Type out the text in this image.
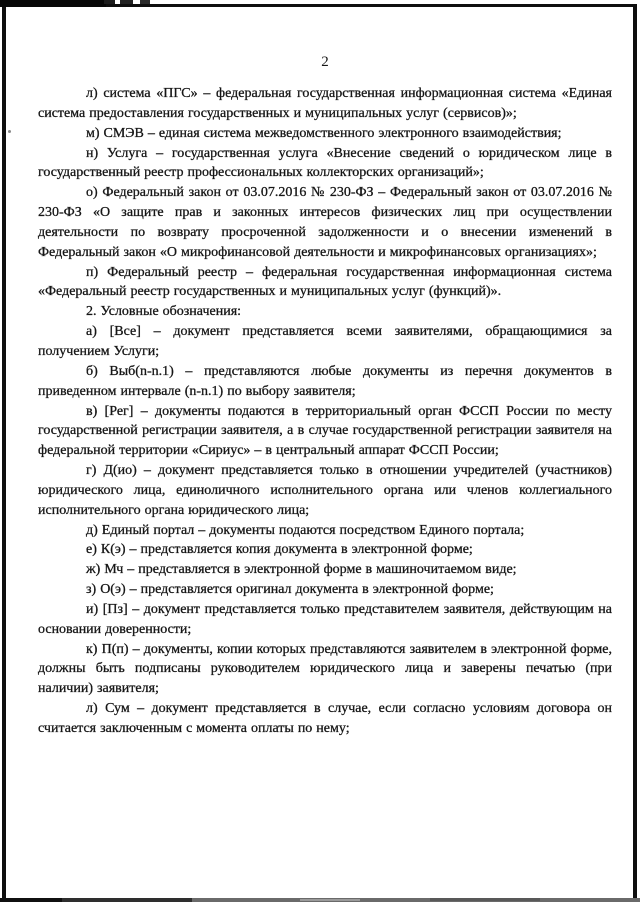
2

л) система «ПГС» – федеральная государственная информационная система «Единая система предоставления государственных и муниципальных услуг (сервисов)»;

м) СМЭВ – единая система межведомственного электронного взаимодействия;

н) Услуга – государственная услуга «Внесение сведений о юридическом лице в государственный реестр профессиональных коллекторских организаций»;

о) Федеральный закон от 03.07.2016 № 230-ФЗ – Федеральный закон от 03.07.2016 № 230-ФЗ «О защите прав и законных интересов физических лиц при осуществлении деятельности по возврату просроченной задолженности и о внесении изменений в Федеральный закон «О микрофинансовой деятельности и микрофинансовых организациях»;

п) Федеральный реестр – федеральная государственная информационная система «Федеральный реестр государственных и муниципальных услуг (функций)».

2. Условные обозначения:

а) [Все] – документ представляется всеми заявителями, обращающимися за получением Услуги;

б) Выб(n-n.1) – представляются любые документы из перечня документов в приведенном интервале (n-n.1) по выбору заявителя;

в) [Рег] – документы подаются в территориальный орган ФССП России по месту государственной регистрации заявителя, а в случае государственной регистрации заявителя на федеральной территории «Сириус» – в центральный аппарат ФССП России;

г) Д(ио) – документ представляется только в отношении учредителей (участников) юридического лица, единоличного исполнительного органа или членов коллегиального исполнительного органа юридического лица;

д) Единый портал – документы подаются посредством Единого портала;

е) К(э) – представляется копия документа в электронной форме;

ж) Мч – представляется в электронной форме в машиночитаемом виде;

з) О(э) – представляется оригинал документа в электронной форме;

и) [Пз] – документ представляется только представителем заявителя, действующим на основании доверенности;

к) П(п) – документы, копии которых представляются заявителем в электронной форме, должны быть подписаны руководителем юридического лица и заверены печатью (при наличии) заявителя;

л) Сум – документ представляется в случае, если согласно условиям договора он считается заключенным с момента оплаты по нему;
